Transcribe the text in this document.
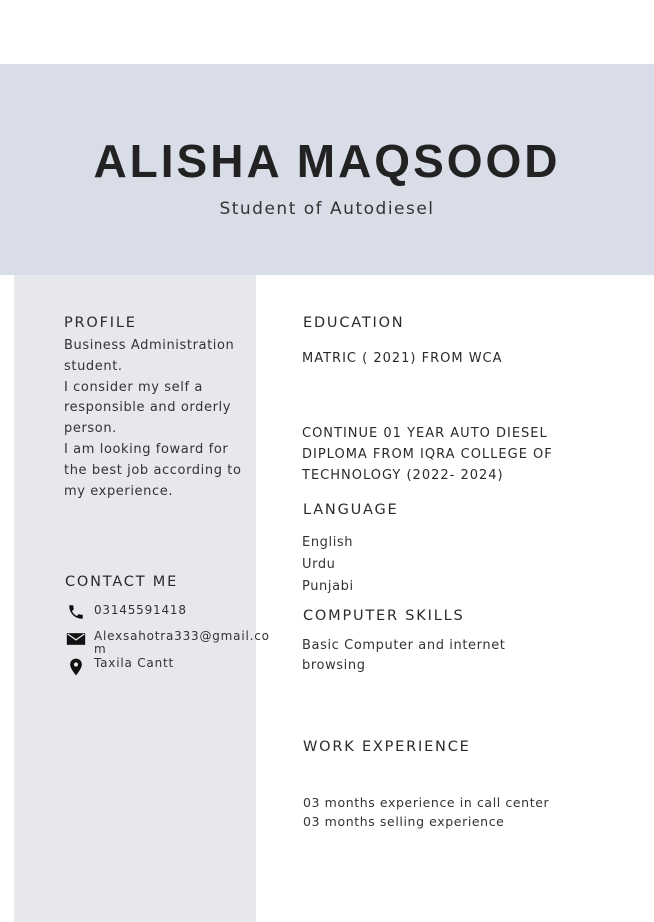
ALISHA MAQSOOD
Student of Autodiesel
PROFILE
Business Administration
student.
I consider my self a
responsible and orderly
person.
I am looking foward for
the best job according to
my experience.
CONTACT ME
03145591418
Alexsahotra333@gmail.co
m
Taxila Cantt
EDUCATION
MATRIC ( 2021) FROM WCA
CONTINUE 01 YEAR AUTO DIESEL
DIPLOMA FROM IQRA COLLEGE OF
TECHNOLOGY (2022- 2024)
LANGUAGE
English
Urdu
Punjabi
COMPUTER SKILLS
Basic Computer and internet
browsing
WORK EXPERIENCE
03 months experience in call center
03 months selling experience
